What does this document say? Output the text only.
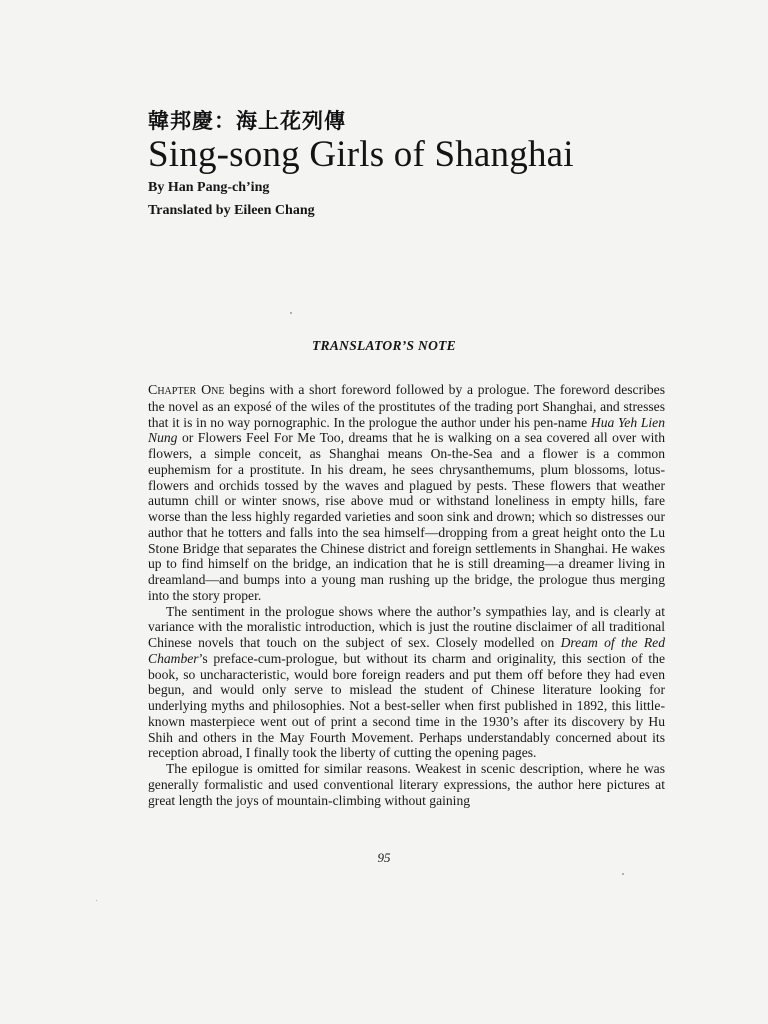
韓邦慶：海上花列傳
Sing-song Girls of Shanghai
By Han Pang-ch’ing
Translated by Eileen Chang
TRANSLATOR’S NOTE

Chapter One begins with a short foreword followed by a prologue. The foreword describes the novel as an exposé of the wiles of the prostitutes of the trading port Shanghai, and stresses that it is in no way pornographic. In the prologue the author under his pen-name Hua Yeh Lien Nung or Flowers Feel For Me Too, dreams that he is walking on a sea covered all over with flowers, a simple conceit, as Shanghai means On-the-Sea and a flower is a common euphemism for a prostitute. In his dream, he sees chrysanthemums, plum blossoms, lotus-flowers and orchids tossed by the waves and plagued by pests. These flowers that weather autumn chill or winter snows, rise above mud or withstand loneliness in empty hills, fare worse than the less highly regarded varieties and soon sink and drown; which so distresses our author that he totters and falls into the sea himself—dropping from a great height onto the Lu Stone Bridge that separates the Chinese district and foreign settlements in Shanghai. He wakes up to find himself on the bridge, an indication that he is still dreaming—a dreamer living in dreamland—and bumps into a young man rushing up the bridge, the prologue thus merging into the story proper.

The sentiment in the prologue shows where the author’s sympathies lay, and is clearly at variance with the moralistic introduction, which is just the routine disclaimer of all traditional Chinese novels that touch on the subject of sex. Closely modelled on Dream of the Red Chamber’s preface-cum-prologue, but without its charm and originality, this section of the book, so uncharacteristic, would bore foreign readers and put them off before they had even begun, and would only serve to mislead the student of Chinese literature looking for underlying myths and philosophies. Not a best-seller when first published in 1892, this little-known masterpiece went out of print a second time in the 1930’s after its discovery by Hu Shih and others in the May Fourth Movement. Perhaps understandably concerned about its reception abroad, I finally took the liberty of cutting the opening pages.

The epilogue is omitted for similar reasons. Weakest in scenic description, where he was generally formalistic and used conventional literary expressions, the author here pictures at great length the joys of mountain-climbing without gaining

95
